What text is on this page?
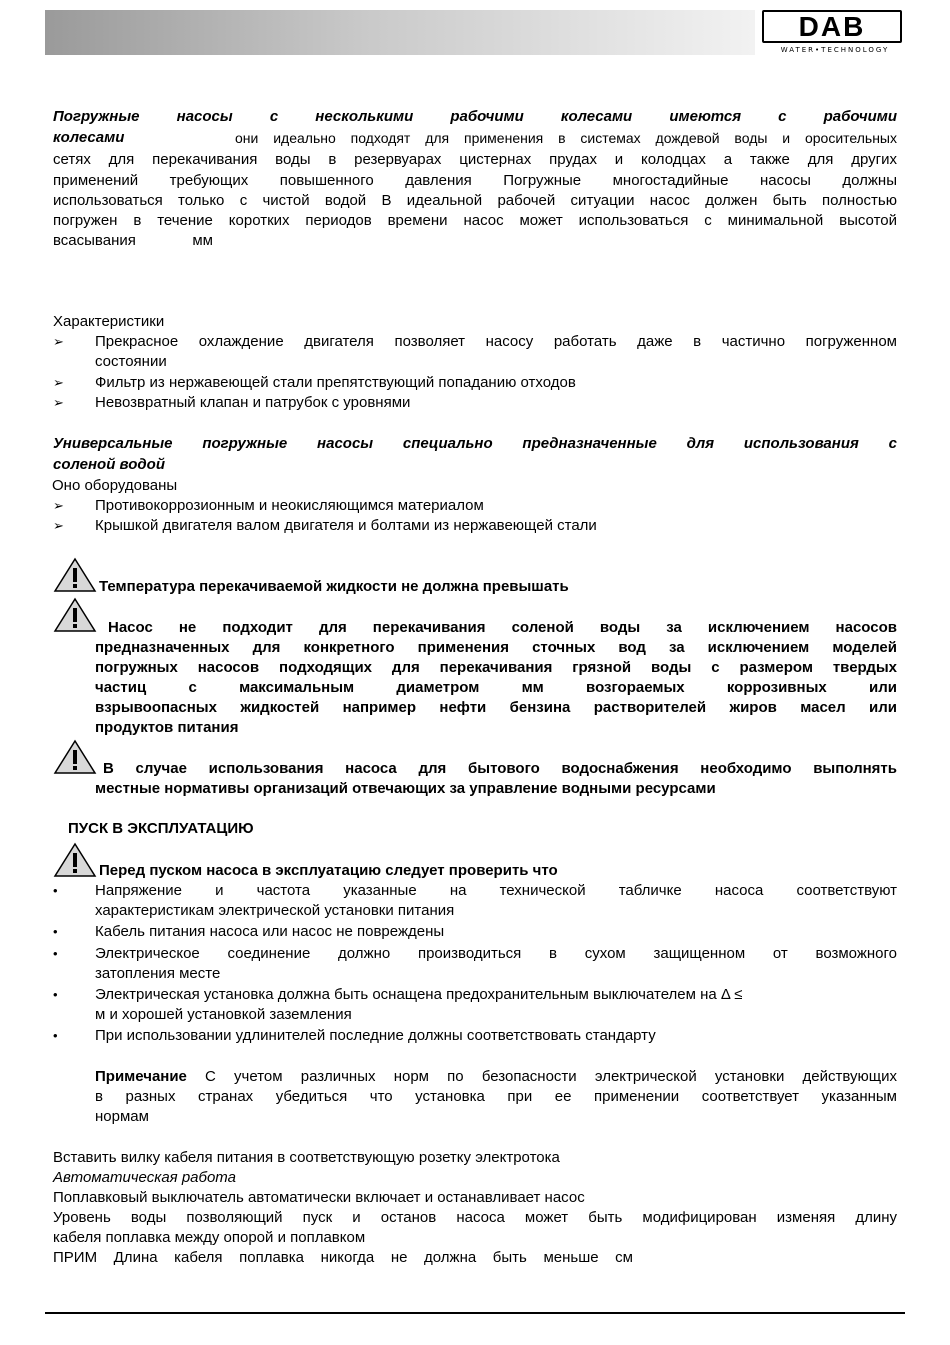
DAB
WATER•TECHNOLOGY
Погружные насосы с несколькими рабочими колесами имеются с рабочими
колесами	они идеально подходят для применения в системах дождевой воды и оросительных
сетях для перекачивания воды в резервуарах цистернах прудах и колодцах а также для других
применений требующих повышенного давления Погружные многостадийные насосы должны
использоваться только с чистой водой В идеальной рабочей ситуации насос должен быть полностью
погружен в течение коротких периодов времени насос может использоваться с минимальной высотой
всасывания мм
Характеристики
➢	Прекрасное охлаждение двигателя позволяет насосу работать даже в частично погруженном
состоянии
➢	Фильтр из нержавеющей стали препятствующий попаданию отходов
➢	Невозвратный клапан и патрубок с уровнями
Универсальные погружные насосы специально предназначенные для использования с
соленой водой
Оно оборудованы
➢	Противокоррозионным и неокисляющимся материалом
➢	Крышкой двигателя валом двигателя и болтами из нержавеющей стали
Температура перекачиваемой жидкости не должна превышать
Насос не подходит для перекачивания соленой воды за исключением насосов
предназначенных для конкретного применения сточных вод за исключением моделей
погружных насосов подходящих для перекачивания грязной воды с размером твердых
частиц с максимальным диаметром мм возгораемых коррозивных или
взрывоопасных жидкостей например нефти бензина растворителей жиров масел или
продуктов питания
В случае использования насоса для бытового водоснабжения необходимо выполнять
местные нормативы организаций отвечающих за управление водными ресурсами
ПУСК В ЭКСПЛУАТАЦИЮ
Перед пуском насоса в эксплуатацию следует проверить что
•	Напряжение и частота указанные на технической табличке насоса соответствуют
характеристикам электрической установки питания
•	Кабель питания насоса или насос не повреждены
•	Электрическое соединение должно производиться в сухом защищенном от возможного
затопления месте
•	Электрическая установка должна быть оснащена предохранительным выключателем на Δ ≤
м и хорошей установкой заземления
•	При использовании удлинителей последние должны соответствовать стандарту
Примечание С учетом различных норм по безопасности электрической установки действующих
в разных странах убедиться что установка при ее применении соответствует указанным
нормам
Вставить вилку кабеля питания в соответствующую розетку электротока
Автоматическая работа
Поплавковый выключатель автоматически включает и останавливает насос
Уровень воды позволяющий пуск и останов насоса может быть модифицирован изменяя длину
кабеля поплавка между опорой и поплавком
ПРИМ Длина кабеля поплавка никогда не должна быть меньше см
